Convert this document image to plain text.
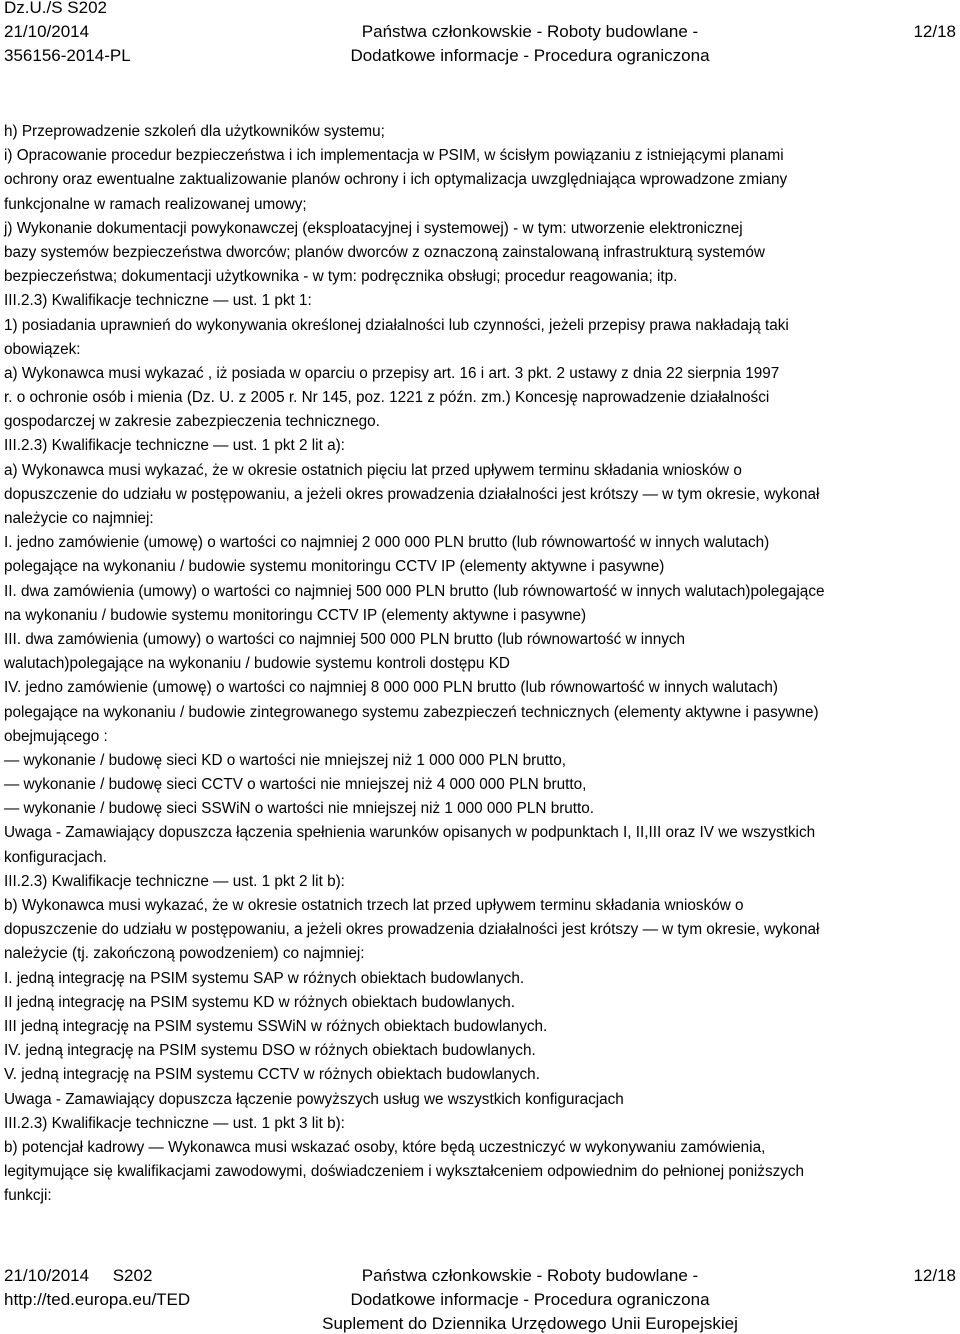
Dz.U./S S202
21/10/2014	Państwa członkowskie - Roboty budowlane -	12/18
356156-2014-PL	Dodatkowe informacje - Procedura ograniczona
h) Przeprowadzenie szkoleń dla użytkowników systemu;
i) Opracowanie procedur bezpieczeństwa i ich implementacja w PSIM, w ścisłym powiązaniu z istniejącymi planami
ochrony oraz ewentualne zaktualizowanie planów ochrony i ich optymalizacja uwzględniająca wprowadzone zmiany
funkcjonalne w ramach realizowanej umowy;
j) Wykonanie dokumentacji powykonawczej (eksploatacyjnej i systemowej) - w tym: utworzenie elektronicznej
bazy systemów bezpieczeństwa dworców; planów dworców z oznaczoną zainstalowaną infrastrukturą systemów
bezpieczeństwa; dokumentacji użytkownika - w tym: podręcznika obsługi; procedur reagowania; itp.
III.2.3) Kwalifikacje techniczne — ust. 1 pkt 1:
1) posiadania uprawnień do wykonywania określonej działalności lub czynności, jeżeli przepisy prawa nakładają taki
obowiązek:
a) Wykonawca musi wykazać , iż posiada w oparciu o przepisy art. 16 i art. 3 pkt. 2 ustawy z dnia 22 sierpnia 1997
r. o ochronie osób i mienia (Dz. U. z 2005 r. Nr 145, poz. 1221 z późn. zm.) Koncesję naprowadzenie działalności
gospodarczej w zakresie zabezpieczenia technicznego.
III.2.3) Kwalifikacje techniczne — ust. 1 pkt 2 lit a):
a) Wykonawca musi wykazać, że w okresie ostatnich pięciu lat przed upływem terminu składania wniosków o
dopuszczenie do udziału w postępowaniu, a jeżeli okres prowadzenia działalności jest krótszy — w tym okresie, wykonał
należycie co najmniej:
I. jedno zamówienie (umowę) o wartości co najmniej 2 000 000 PLN brutto (lub równowartość w innych walutach)
polegające na wykonaniu / budowie systemu monitoringu CCTV IP (elementy aktywne i pasywne)
II. dwa zamówienia (umowy) o wartości co najmniej 500 000 PLN brutto (lub równowartość w innych walutach)polegające
na wykonaniu / budowie systemu monitoringu CCTV IP (elementy aktywne i pasywne)
III. dwa zamówienia (umowy) o wartości co najmniej 500 000 PLN brutto (lub równowartość w innych
walutach)polegające na wykonaniu / budowie systemu kontroli dostępu KD
IV. jedno zamówienie (umowę) o wartości co najmniej 8 000 000 PLN brutto (lub równowartość w innych walutach)
polegające na wykonaniu / budowie zintegrowanego systemu zabezpieczeń technicznych (elementy aktywne i pasywne)
obejmującego :
— wykonanie / budowę sieci KD o wartości nie mniejszej niż 1 000 000 PLN brutto,
— wykonanie / budowę sieci CCTV o wartości nie mniejszej niż 4 000 000 PLN brutto,
— wykonanie / budowę sieci SSWiN o wartości nie mniejszej niż 1 000 000 PLN brutto.
Uwaga - Zamawiający dopuszcza łączenia spełnienia warunków opisanych w podpunktach I, II,III oraz IV we wszystkich
konfiguracjach.
III.2.3) Kwalifikacje techniczne — ust. 1 pkt 2 lit b):
b) Wykonawca musi wykazać, że w okresie ostatnich trzech lat przed upływem terminu składania wniosków o
dopuszczenie do udziału w postępowaniu, a jeżeli okres prowadzenia działalności jest krótszy — w tym okresie, wykonał
należycie (tj. zakończoną powodzeniem) co najmniej:
I. jedną integrację na PSIM systemu SAP w różnych obiektach budowlanych.
II jedną integrację na PSIM systemu KD w różnych obiektach budowlanych.
III jedną integrację na PSIM systemu SSWiN w różnych obiektach budowlanych.
IV. jedną integrację na PSIM systemu DSO w różnych obiektach budowlanych.
V. jedną integrację na PSIM systemu CCTV w różnych obiektach budowlanych.
Uwaga - Zamawiający dopuszcza łączenie powyższych usług we wszystkich konfiguracjach
III.2.3) Kwalifikacje techniczne — ust. 1 pkt 3 lit b):
b) potencjał kadrowy — Wykonawca musi wskazać osoby, które będą uczestniczyć w wykonywaniu zamówienia,
legitymujące się kwalifikacjami zawodowymi, doświadczeniem i wykształceniem odpowiednim do pełnionej poniższych
funkcji:
21/10/2014     S202	Państwa członkowskie - Roboty budowlane -	12/18
http://ted.europa.eu/TED	Dodatkowe informacje - Procedura ograniczona
Suplement do Dziennika Urzędowego Unii Europejskiej
